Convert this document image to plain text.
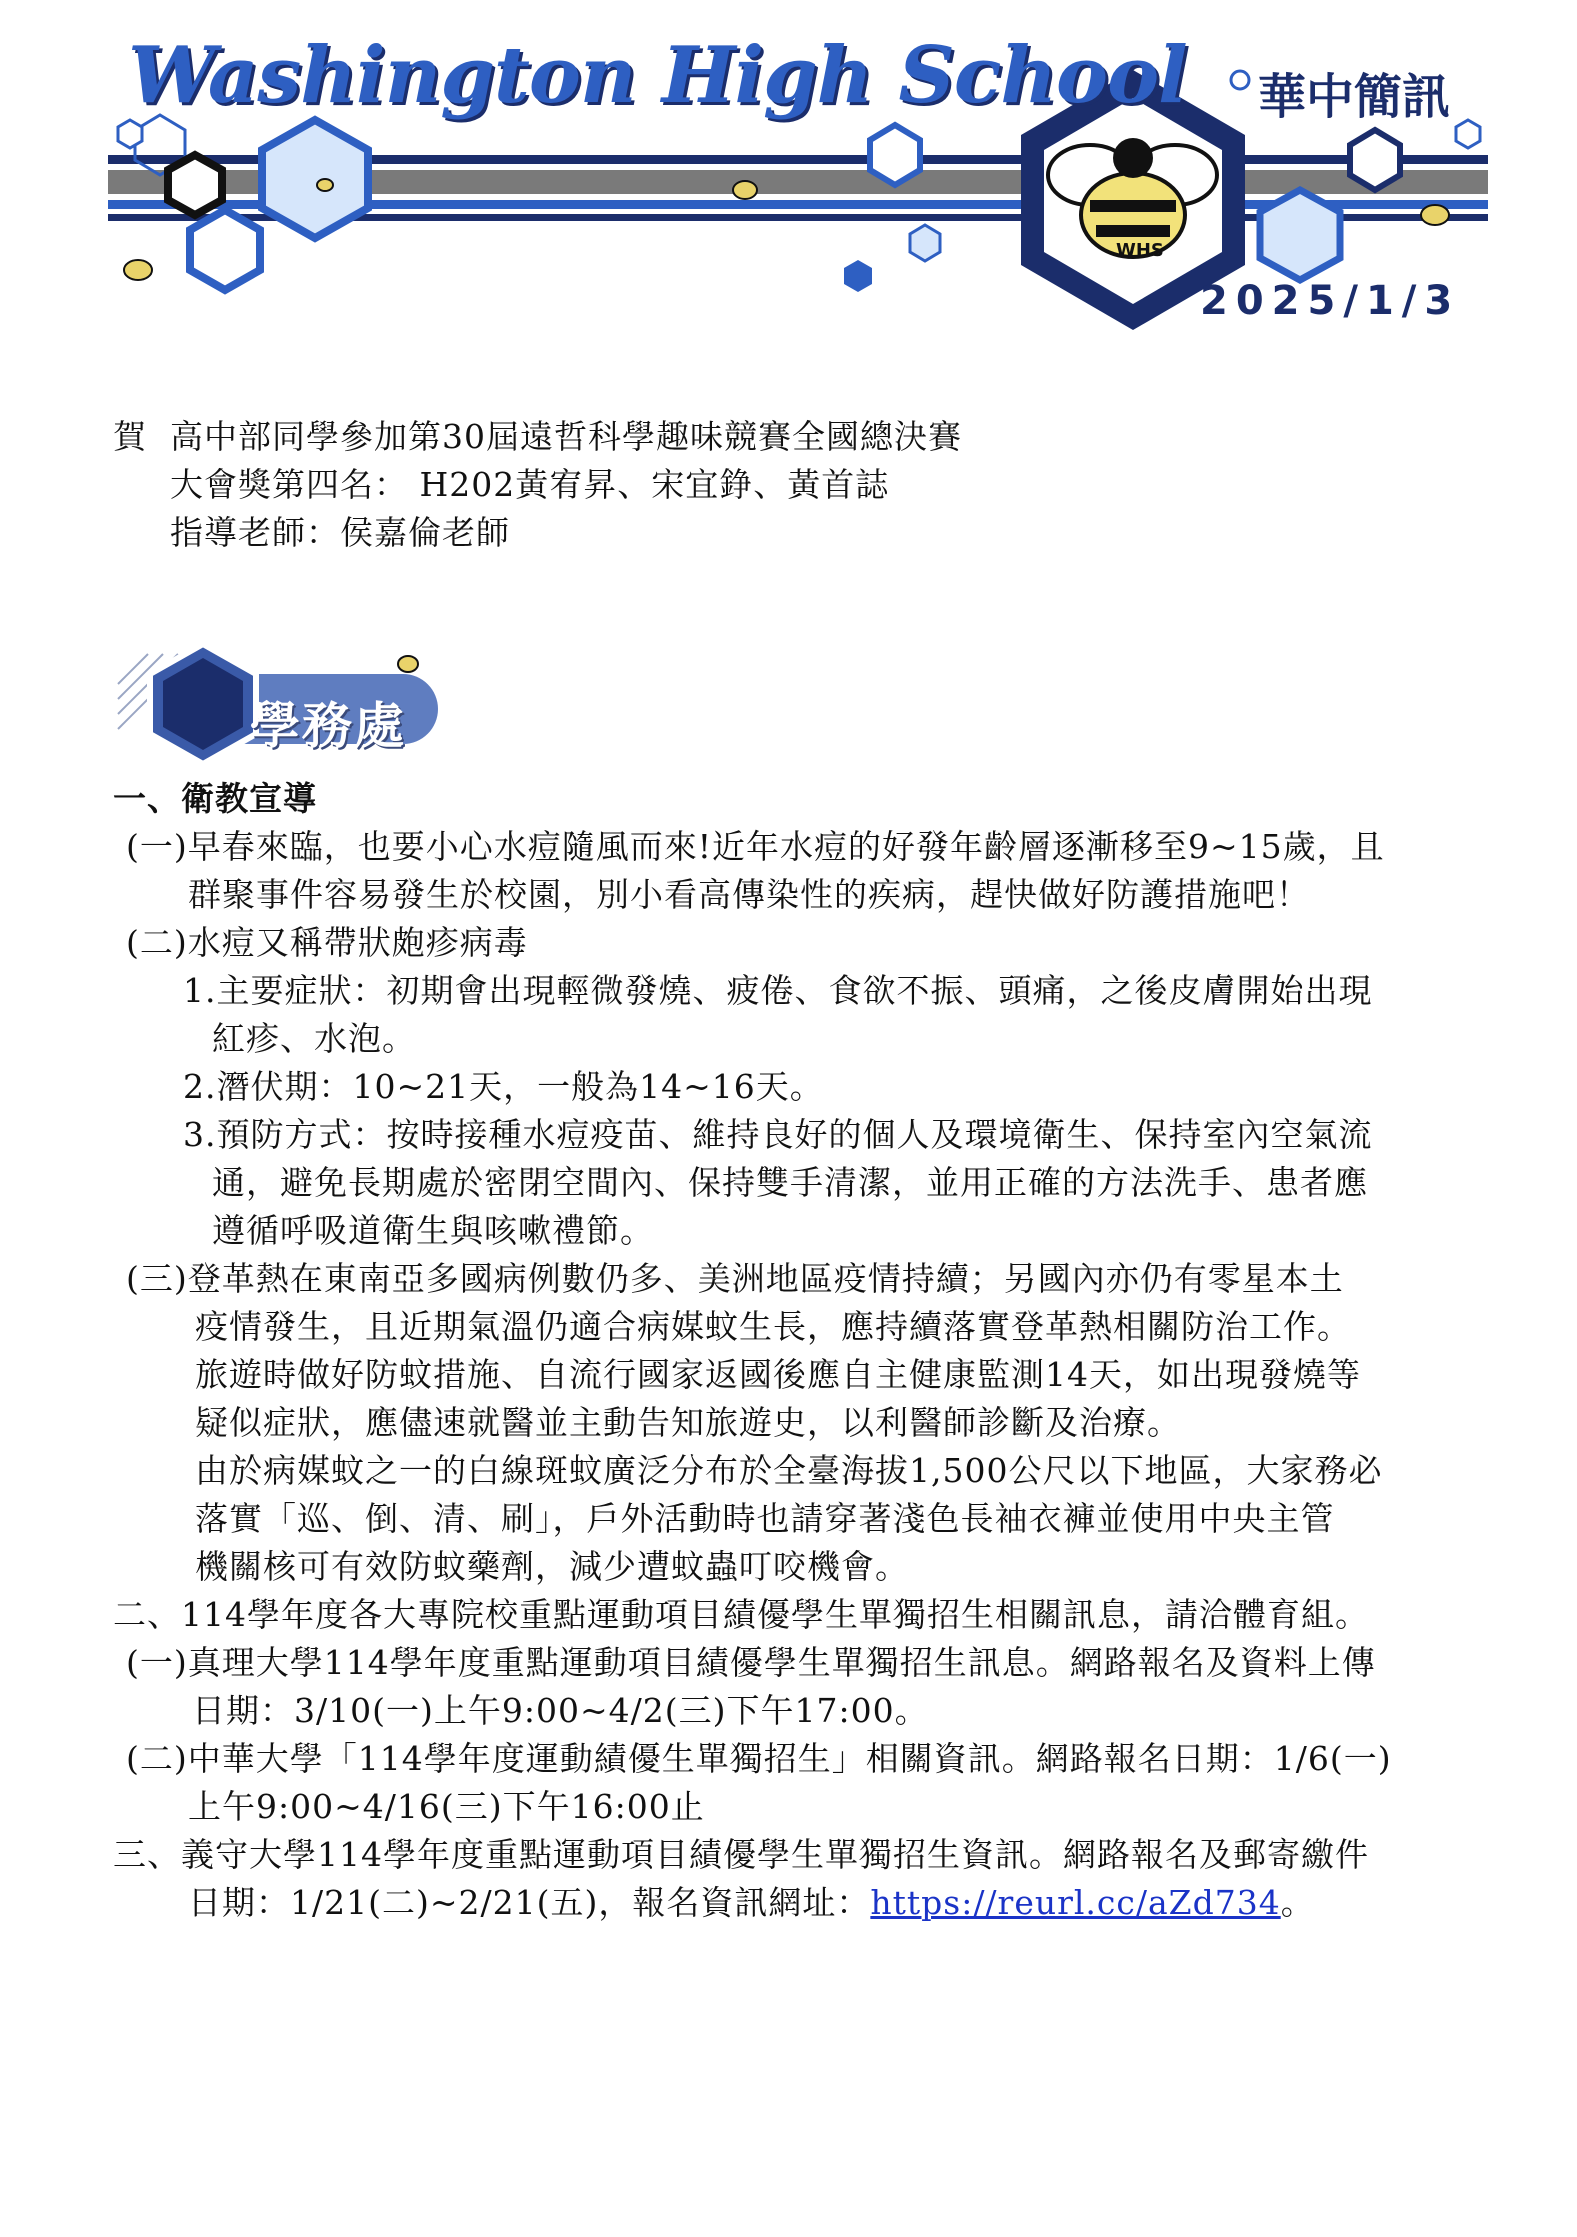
Washington High School 華中簡訊
WHS
2025/1/3
賀 高中部同學參加第30屆遠哲科學趣味競賽全國總決賽
大會獎第四名： H202黃宥昇、宋宜錚、黃首誌
指導老師：侯嘉倫老師
學務處
一、衛教宣導
(一)早春來臨，也要小心水痘隨風而來!近年水痘的好發年齡層逐漸移至9~15歲，且
群聚事件容易發生於校園，別小看高傳染性的疾病，趕快做好防護措施吧！
(二)水痘又稱帶狀皰疹病毒
1.主要症狀：初期會出現輕微發燒、疲倦、食欲不振、頭痛，之後皮膚開始出現
紅疹、水泡。
2.潛伏期：10~21天，一般為14~16天。
3.預防方式：按時接種水痘疫苗、維持良好的個人及環境衛生、保持室內空氣流
通，避免長期處於密閉空間內、保持雙手清潔，並用正確的方法洗手、患者應
遵循呼吸道衛生與咳嗽禮節。
(三)登革熱在東南亞多國病例數仍多、美洲地區疫情持續；另國內亦仍有零星本土
疫情發生，且近期氣溫仍適合病媒蚊生長，應持續落實登革熱相關防治工作。
旅遊時做好防蚊措施、自流行國家返國後應自主健康監測14天，如出現發燒等
疑似症狀，應儘速就醫並主動告知旅遊史，以利醫師診斷及治療。
由於病媒蚊之一的白線斑蚊廣泛分布於全臺海拔1,500公尺以下地區，大家務必
落實「巡、倒、清、刷」，戶外活動時也請穿著淺色長袖衣褲並使用中央主管
機關核可有效防蚊藥劑，減少遭蚊蟲叮咬機會。
二、114學年度各大專院校重點運動項目績優學生單獨招生相關訊息，請洽體育組。
(一)真理大學114學年度重點運動項目績優學生單獨招生訊息。網路報名及資料上傳
日期：3/10(一)上午9:00~4/2(三)下午17:00。
(二)中華大學「114學年度運動績優生單獨招生」相關資訊。網路報名日期：1/6(一)
上午9:00~4/16(三)下午16:00止
三、義守大學114學年度重點運動項目績優學生單獨招生資訊。網路報名及郵寄繳件
日期：1/21(二)~2/21(五)，報名資訊網址：https://reurl.cc/aZd734。
